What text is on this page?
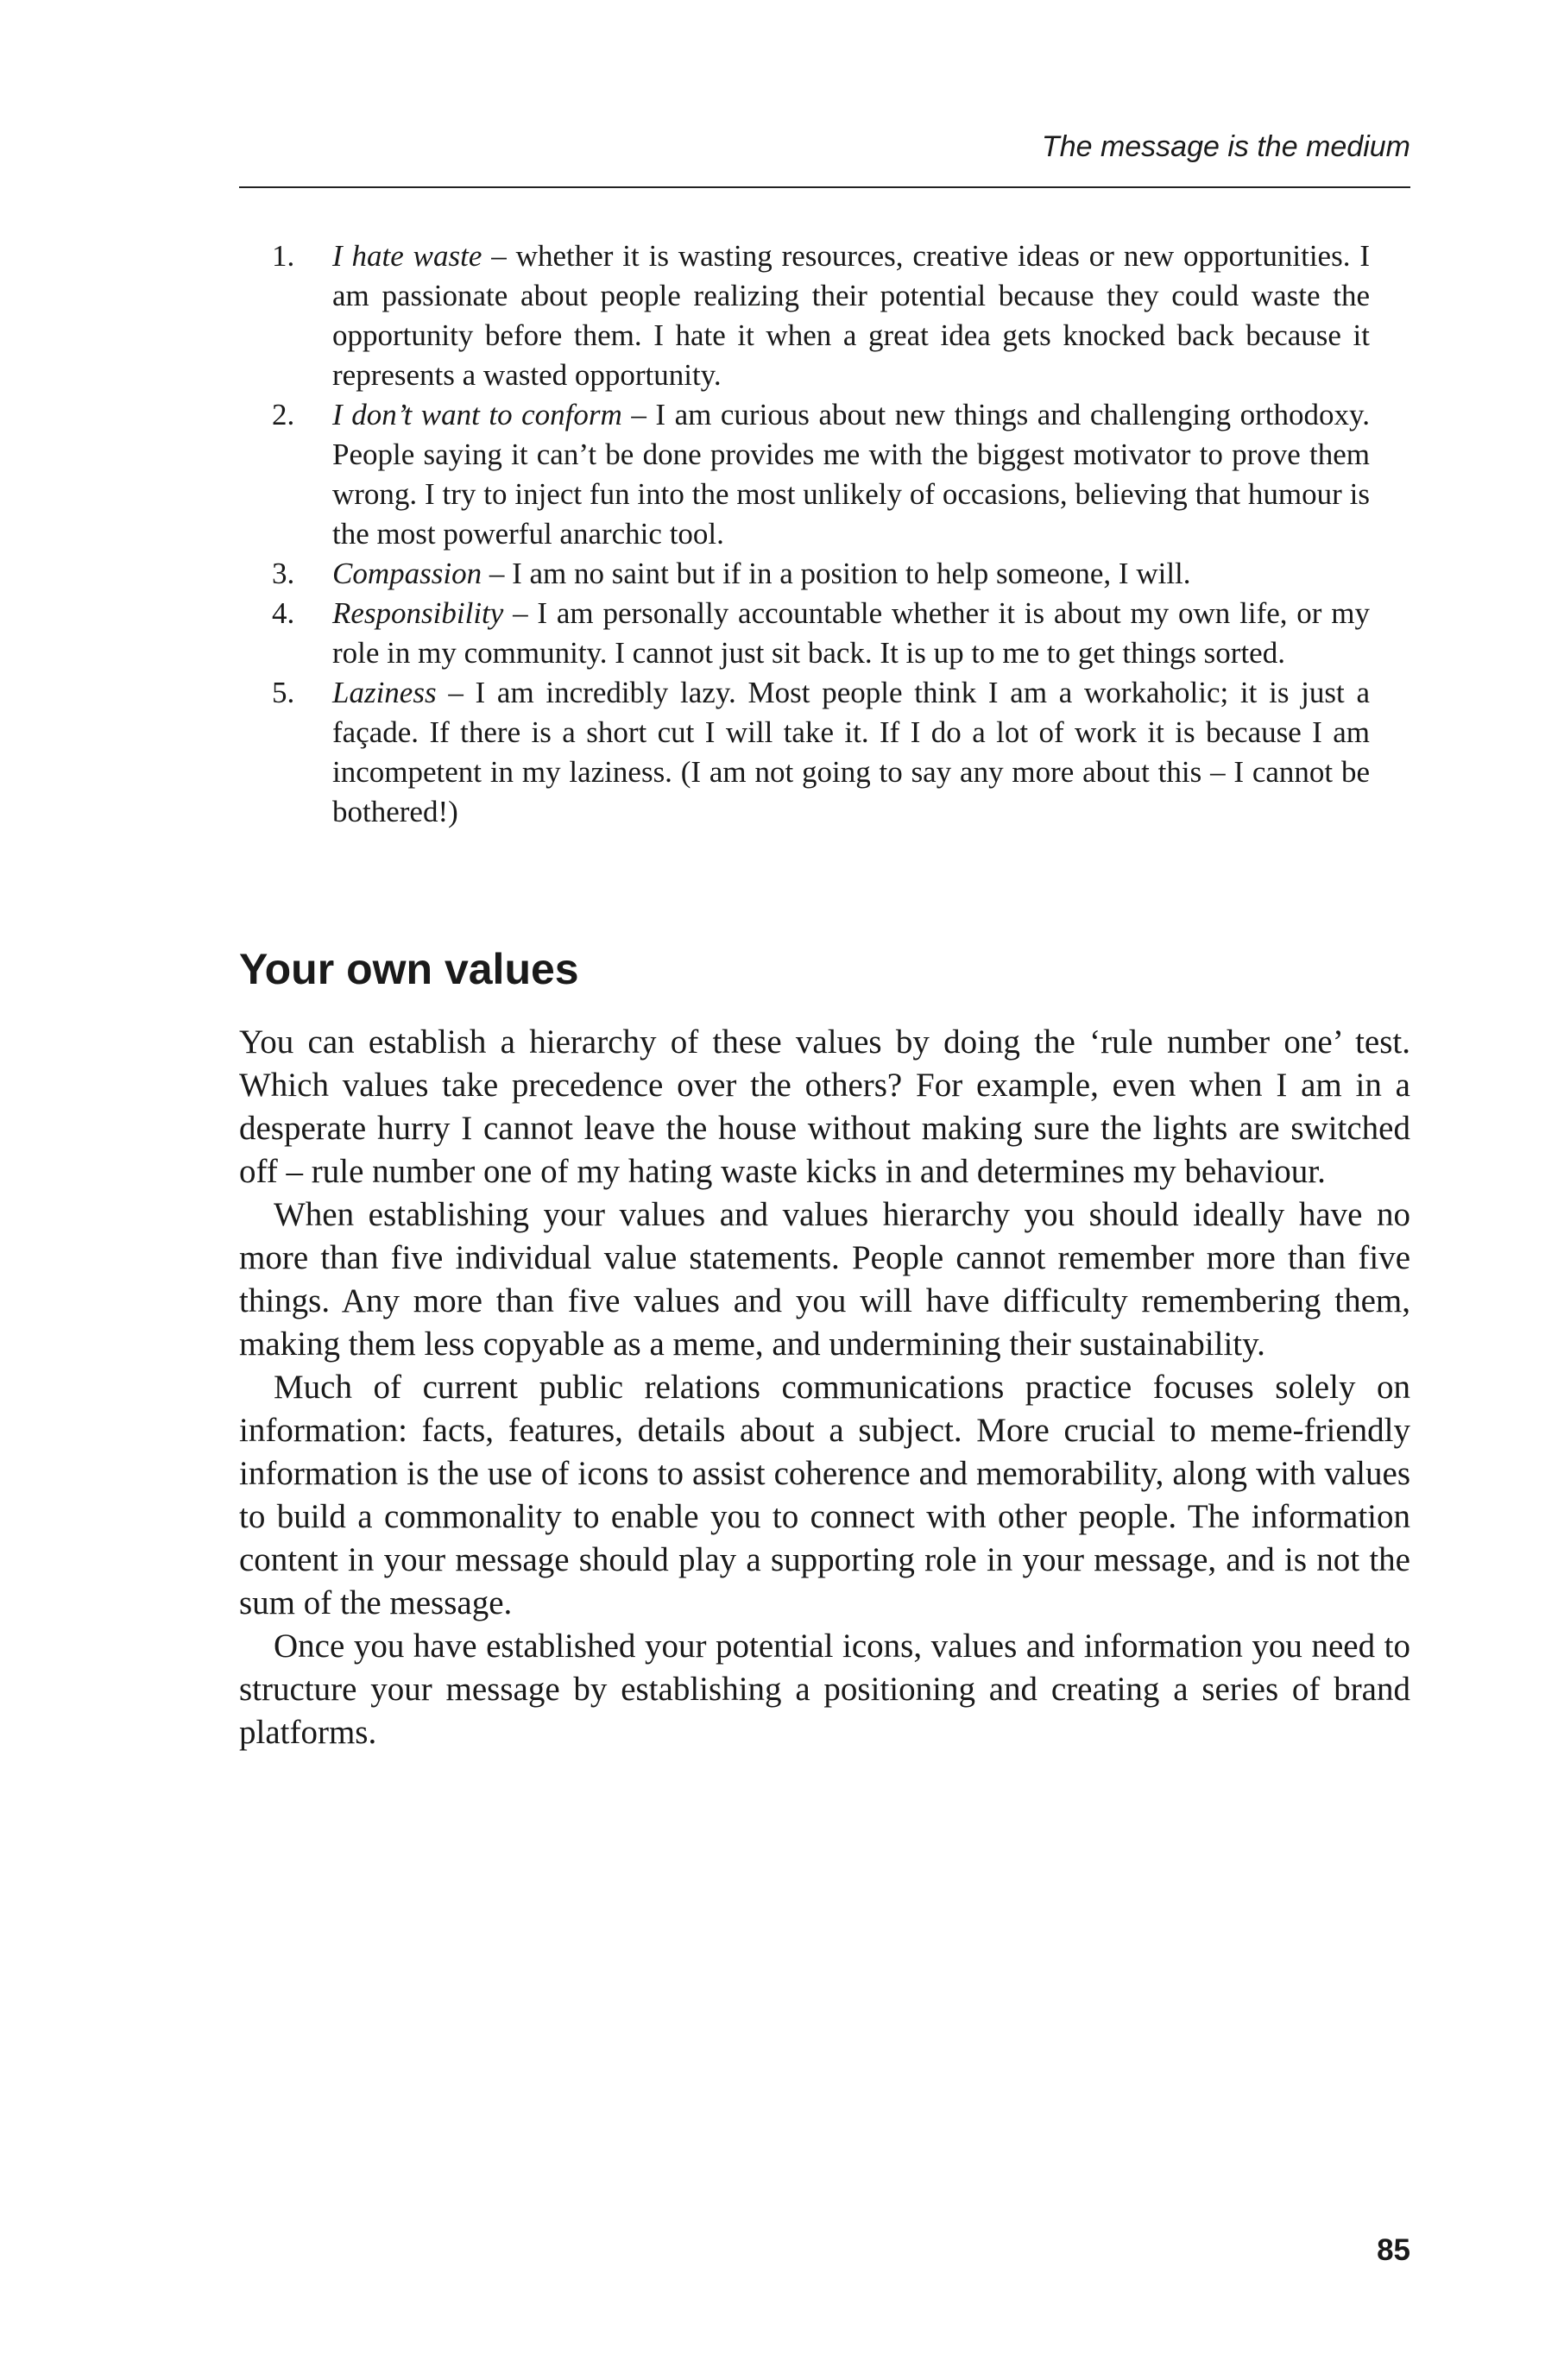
The message is the medium
1.	I hate waste – whether it is wasting resources, creative ideas or new opportunities. I am passionate about people realizing their potential because they could waste the opportunity before them. I hate it when a great idea gets knocked back because it represents a wasted opportunity.
2.	I don’t want to conform – I am curious about new things and challenging orthodoxy. People saying it can’t be done provides me with the biggest motivator to prove them wrong. I try to inject fun into the most unlikely of occasions, believing that humour is the most powerful anarchic tool.
3.	Compassion – I am no saint but if in a position to help someone, I will.
4.	Responsibility – I am personally accountable whether it is about my own life, or my role in my community. I cannot just sit back. It is up to me to get things sorted.
5.	Laziness – I am incredibly lazy. Most people think I am a workaholic; it is just a façade. If there is a short cut I will take it. If I do a lot of work it is because I am incompetent in my laziness. (I am not going to say any more about this – I cannot be bothered!)
Your own values

You can establish a hierarchy of these values by doing the ‘rule number one’ test. Which values take precedence over the others? For example, even when I am in a desperate hurry I cannot leave the house without making sure the lights are switched off – rule number one of my hating waste kicks in and determines my behaviour.

When establishing your values and values hierarchy you should ideally have no more than five individual value statements. People cannot remember more than five things. Any more than five values and you will have difficulty remembering them, making them less copyable as a meme, and undermining their sustainability.

Much of current public relations communications practice focuses solely on information: facts, features, details about a subject. More crucial to meme-friendly information is the use of icons to assist coherence and memorability, along with values to build a commonality to enable you to connect with other people. The information content in your message should play a supporting role in your message, and is not the sum of the message.

Once you have established your potential icons, values and information you need to structure your message by establishing a positioning and creating a series of brand platforms.

85
